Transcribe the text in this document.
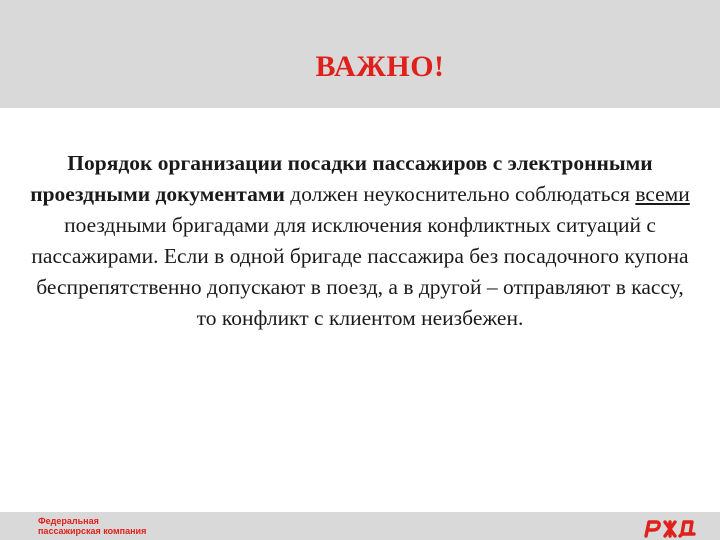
ВАЖНО!
Порядок организации посадки пассажиров с электронными проездными документами должен неукоснительно соблюдаться всеми поездными бригадами для исключения конфликтных ситуаций с пассажирами. Если в одной бригаде пассажира без посадочного купона беспрепятственно допускают в поезд, а в другой – отправляют в кассу, то конфликт с клиентом неизбежен.
Федеральная
пассажирская компания
